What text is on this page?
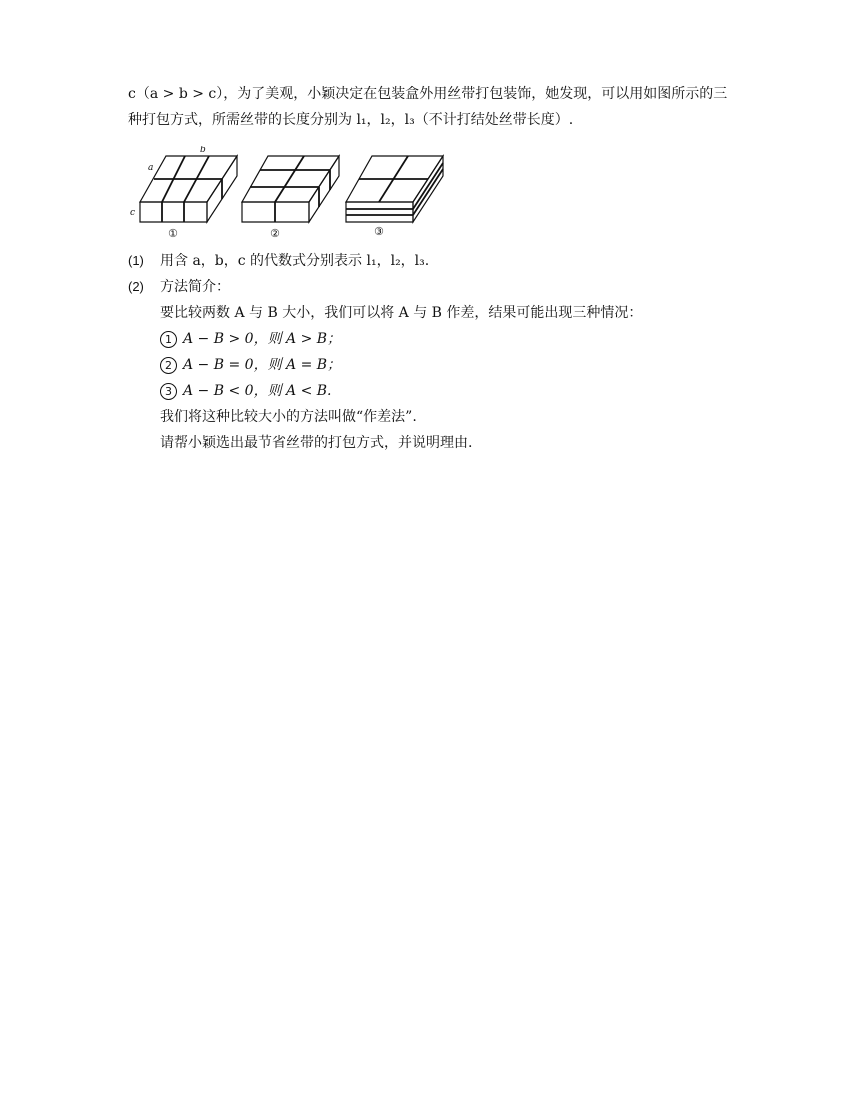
c（a > b > c），为了美观，小颖决定在包装盒外用丝带打包装饰，她发现，可以用如图所示的三
种打包方式，所需丝带的长度分别为 l₁，l₂，l₃（不计打结处丝带长度）.
b
a
c
①	②	③
(1) 用含 a，b，c 的代数式分别表示 l₁，l₂，l₃.
(2) 方法简介：
要比较两数 A 与 B 大小，我们可以将 A 与 B 作差，结果可能出现三种情况：
1 A − B > 0，则 A > B；
2 A − B = 0，则 A = B；
3 A − B < 0，则 A < B.
我们将这种比较大小的方法叫做“作差法”.
请帮小颖选出最节省丝带的打包方式，并说明理由.
